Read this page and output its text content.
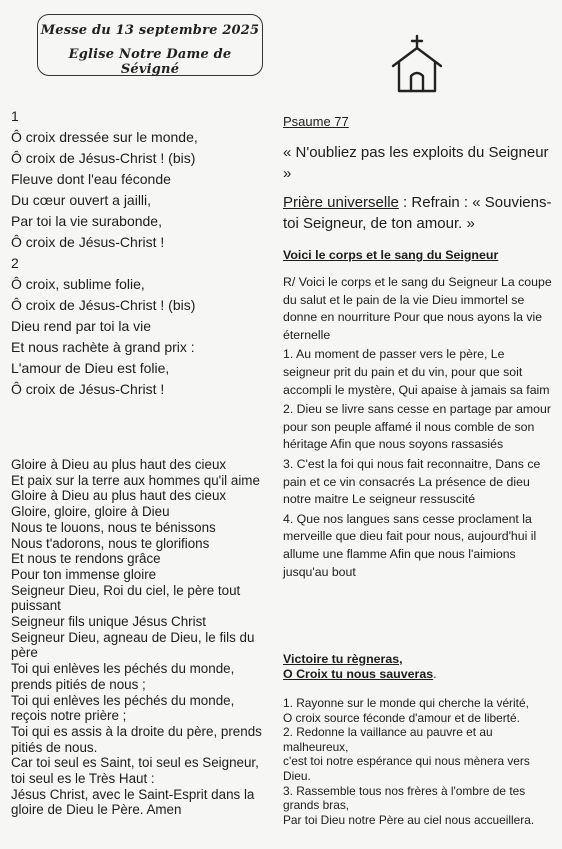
Messe du 13 septembre 2025
Eglise Notre Dame de Sévigné
1
Ô croix dressée sur le monde,
Ô croix de Jésus-Christ ! (bis)
Fleuve dont l'eau féconde
Du cœur ouvert a jailli,
Par toi la vie surabonde,
Ô croix de Jésus-Christ !
2
Ô croix, sublime folie,
Ô croix de Jésus-Christ ! (bis)
Dieu rend par toi la vie
Et nous rachète à grand prix :
L'amour de Dieu est folie,
Ô croix de Jésus-Christ !
Gloire à Dieu au plus haut des cieux
Et paix sur la terre aux hommes qu'il aime
Gloire à Dieu au plus haut des cieux
Gloire, gloire, gloire à Dieu
Nous te louons, nous te bénissons
Nous t'adorons, nous te glorifions
Et nous te rendons grâce
Pour ton immense gloire
Seigneur Dieu, Roi du ciel, le père tout
puissant
Seigneur fils unique Jésus Christ
Seigneur Dieu, agneau de Dieu, le fils du
père
Toi qui enlèves les péchés du monde,
prends pitiés de nous ;
Toi qui enlèves les péchés du monde,
reçois notre prière ;
Toi qui es assis à la droite du père, prends
pitiés de nous.
Car toi seul es Saint, toi seul es Seigneur,
toi seul es le Très Haut :
Jésus Christ, avec le Saint-Esprit dans la
gloire de Dieu le Père. Amen
Psaume 77
« N'oubliez pas les exploits du Seigneur »
Prière universelle : Refrain : « Souviens-toi Seigneur, de ton amour. »
Voici le corps et le sang du Seigneur

R/ Voici le corps et le sang du Seigneur La coupe du salut et le pain de la vie Dieu immortel se donne en nourriture Pour que nous ayons la vie éternelle

1. Au moment de passer vers le père, Le seigneur prit du pain et du vin, pour que soit accompli le mystère, Qui apaise à jamais sa faim

2. Dieu se livre sans cesse en partage par amour pour son peuple affamé il nous comble de son héritage Afin que nous soyons rassasiés

3. C'est la foi qui nous fait reconnaitre, Dans ce pain et ce vin consacrés La présence de dieu notre maitre Le seigneur ressuscité

4. Que nos langues sans cesse proclament la merveille que dieu fait pour nous, aujourd'hui il allume une flamme Afin que nous l'aimions jusqu'au bout

Victoire tu règneras,
O Croix tu nous sauveras.
1. Rayonne sur le monde qui cherche la vérité,
O croix source féconde d'amour et de liberté.
2. Redonne la vaillance au pauvre et au
malheureux,
c'est toi notre espérance qui nous mènera vers
Dieu.
3. Rassemble tous nos frères à l'ombre de tes
grands bras,
Par toi Dieu notre Père au ciel nous accueillera.
